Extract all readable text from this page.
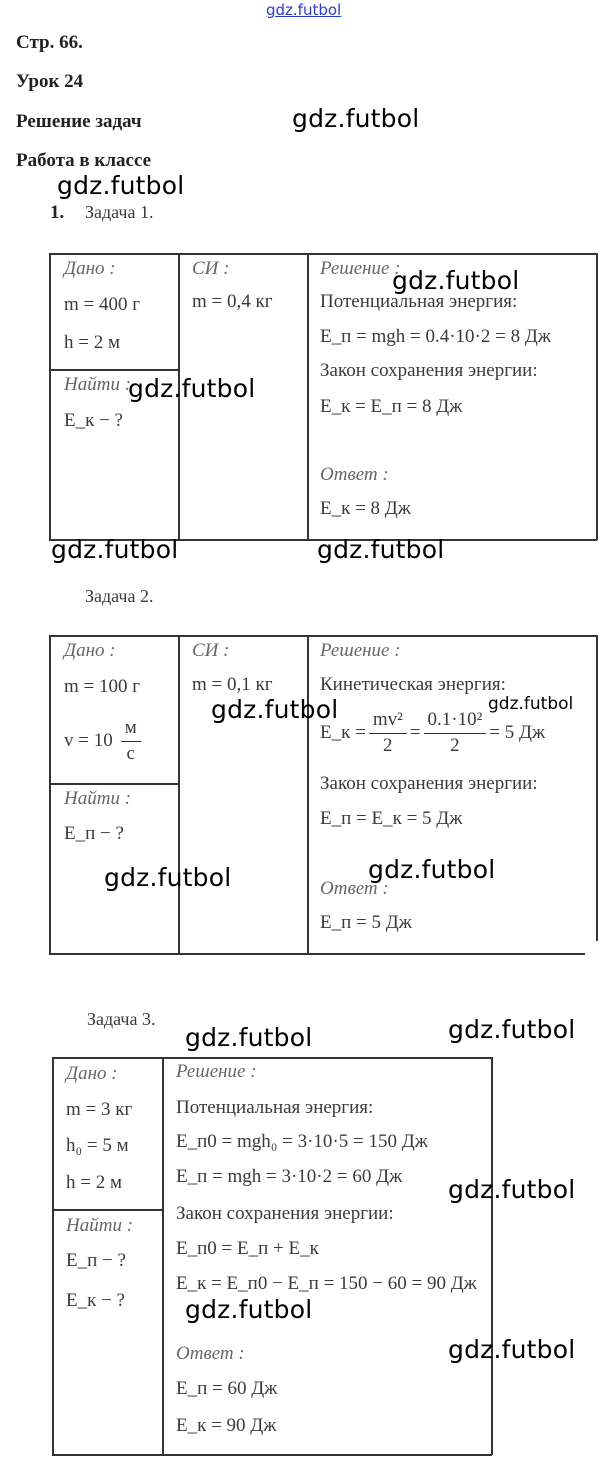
gdz.futbol
Стр. 66.
Урок 24
Решение задач
Работа в классе
1. Задача 1.
Задача 2.
Задача 3.
Дано :
m = 400 г
h = 2 м
Найти :
E_к − ?
СИ :
m = 0,4 кг
Решение :
Потенциальная энергия:
E_п = mgh = 0.4·10·2 = 8 Дж
Закон сохранения энергии:
E_к = E_п = 8 Дж
Ответ :
E_к = 8 Дж
Дано :
m = 100 г
$v = 10 \frac{м}{с}$
Найти :
E_п − ?
СИ :
m = 0,1 кг
Решение :
Кинетическая энергия:
E_к = $\frac{\text{mv²}}{2} = \frac{\text{0.1·10²}}{2} = 5$ Дж
Закон сохранения энергии:
E_п = E_к = 5 Дж
Ответ :
E_п = 5 Дж
Дано :
m = 3 кг
h₀ = 5 м
h = 2 м
Найти :
E_п − ?
E_к − ?
Решение :
Потенциальная энергия:
E_п0 = mgh₀ = 3·10·5 = 150 Дж
E_п = mgh = 3·10·2 = 60 Дж
Закон сохранения энергии:
E_п0 = E_п + E_к
E_к = E_п0 − E_п = 150 − 60 = 90 Дж
Ответ :
E_п = 60 Дж
E_к = 90 Дж
gdz.futbol
gdz.futbol
gdz.futbol
gdz.futbol
gdz.futbol	gdz.futbol
gdz.futbol	gdz.futbol
gdz.futbol
gdz.futbol
gdz.futbol
gdz.futbol
gdz.futbol
gdz.futbol
gdz.futbol
